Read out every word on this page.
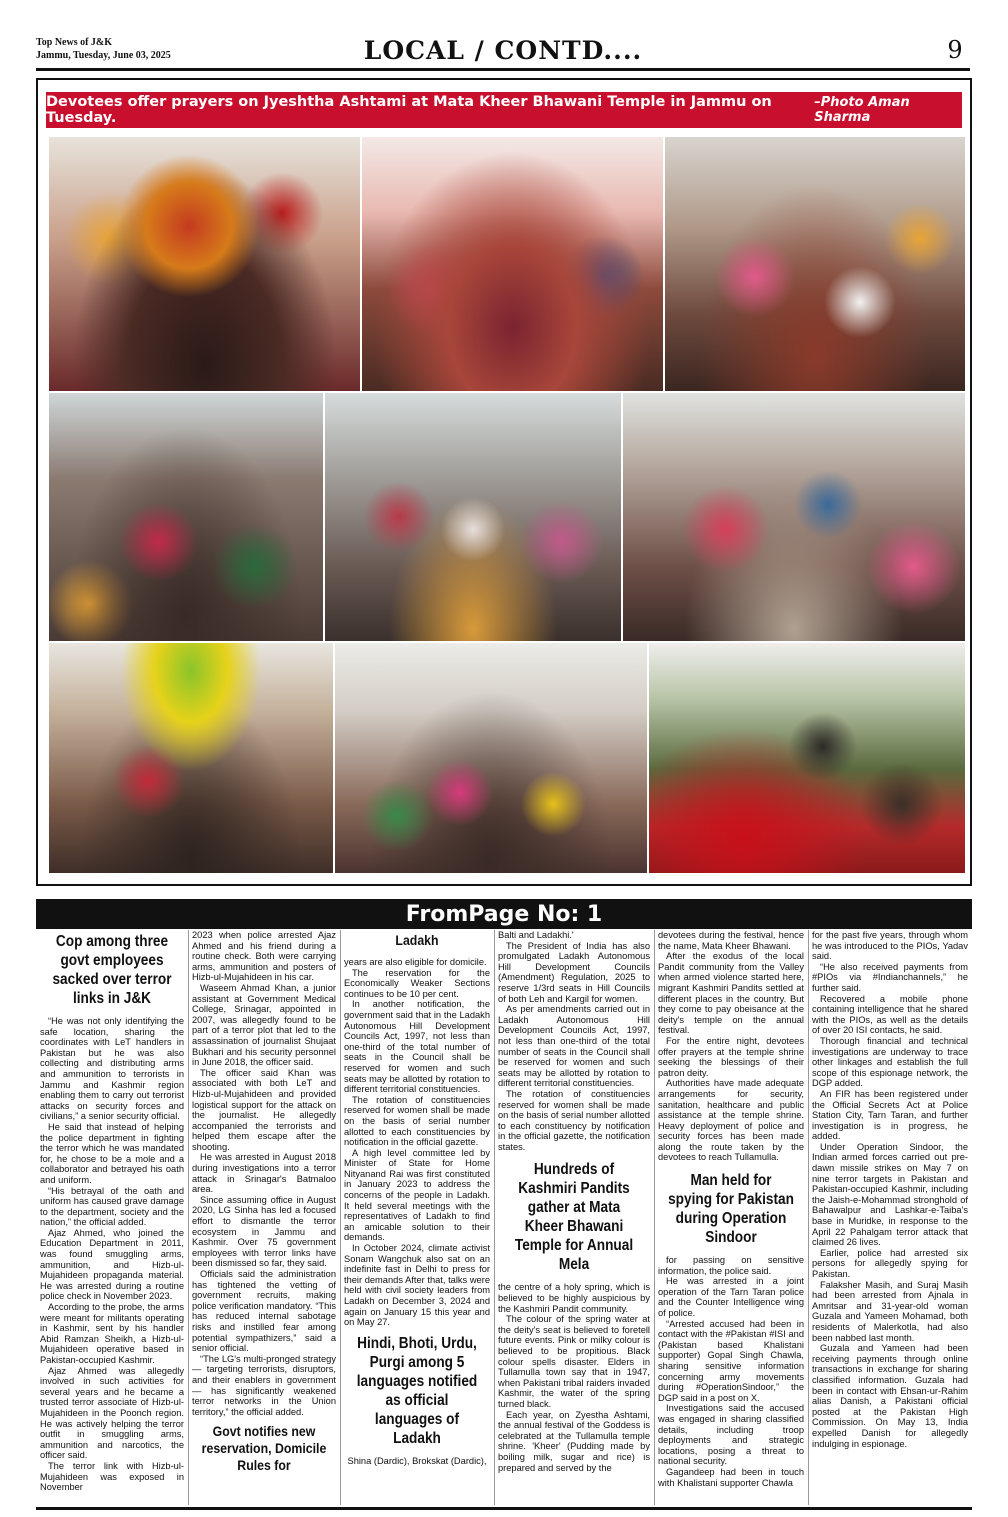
Top News of J&K
Jammu, Tuesday, June 03, 2025	LOCAL / CONTD....	9
Devotees offer prayers on Jyeshtha Ashtami at Mata Kheer Bhawani Temple in Jammu on Tuesday.
–Photo Aman Sharma
FromPage No: 1
Cop among three govt employees sacked over terror links in J&K

“He was not only identifying the safe location, sharing the coordinates with LeT handlers in Pakistan but he was also collecting and distributing arms and ammunition to terrorists in Jammu and Kashmir region enabling them to carry out terrorist attacks on security forces and civilians,” a senior security official.

He said that instead of helping the police department in fighting the terror which he was mandated for, he chose to be a mole and a collaborator and betrayed his oath and uniform.

“His betrayal of the oath and uniform has caused grave damage to the department, society and the nation,” the official added.

Ajaz Ahmed, who joined the Education Department in 2011, was found smuggling arms, ammunition, and Hizb-ul-Mujahideen propaganda material. He was arrested during a routine police check in November 2023.

According to the probe, the arms were meant for militants operating in Kashmir, sent by his handler Abid Ramzan Sheikh, a Hizb-ul-Mujahideen operative based in Pakistan-occupied Kashmir.

Ajaz Ahmed was allegedly involved in such activities for several years and he became a trusted terror associate of Hizb-ul-Mujahideen in the Poonch region. He was actively helping the terror outfit in smuggling arms, ammunition and narcotics, the officer said.

The terror link with Hizb-ul-Mujahideen was exposed in November

2023 when police arrested Ajaz Ahmed and his friend during a routine check. Both were carrying arms, ammunition and posters of Hizb-ul-Mujahideen in his car.

Waseem Ahmad Khan, a junior assistant at Government Medical College, Srinagar, appointed in 2007, was allegedly found to be part of a terror plot that led to the assassination of journalist Shujaat Bukhari and his security personnel in June 2018, the officer said.

The officer said Khan was associated with both LeT and Hizb-ul-Mujahideen and provided logistical support for the attack on the journalist. He allegedly accompanied the terrorists and helped them escape after the shooting.

He was arrested in August 2018 during investigations into a terror attack in Srinagar's Batmaloo area.

Since assuming office in August 2020, LG Sinha has led a focused effort to dismantle the terror ecosystem in Jammu and Kashmir. Over 75 government employees with terror links have been dismissed so far, they said.

Officials said the administration has tightened the vetting of government recruits, making police verification mandatory. “This has reduced internal sabotage risks and instilled fear among potential sympathizers,” said a senior official.

“The LG's multi-pronged strategy — targeting terrorists, disruptors, and their enablers in government — has significantly weakened terror networks in the Union territory,” the official added.

Govt notifies new reservation, Domicile Rules for
Ladakh

years are also eligible for domicile.

The reservation for the Economically Weaker Sections continues to be 10 per cent.

In another notification, the government said that in the Ladakh Autonomous Hill Development Councils Act, 1997, not less than one-third of the total number of seats in the Council shall be reserved for women and such seats may be allotted by rotation to different territorial constituencies.

The rotation of constituencies reserved for women shall be made on the basis of serial number allotted to each constituencies by notification in the official gazette.

A high level committee led by Minister of State for Home Nityanand Rai was first constituted in January 2023 to address the concerns of the people in Ladakh. It held several meetings with the representatives of Ladakh to find an amicable solution to their demands.

In October 2024, climate activist Sonam Wangchuk also sat on an indefinite fast in Delhi to press for their demands After that, talks were held with civil society leaders from Ladakh on December 3, 2024 and again on January 15 this year and on May 27.

Hindi, Bhoti, Urdu, Purgi among 5 languages notified as official languages of Ladakh

Shina (Dardic), Brokskat (Dardic),

Balti and Ladakhi.'

The President of India has also promulgated Ladakh Autonomous Hill Development Councils (Amendment) Regulation, 2025 to reserve 1/3rd seats in Hill Councils of both Leh and Kargil for women.

As per amendments carried out in Ladakh Autonomous Hill Development Councils Act, 1997, not less than one-third of the total number of seats in the Council shall be reserved for women and such seats may be allotted by rotation to different territorial constituencies.

The rotation of constituencies reserved for women shall be made on the basis of serial number allotted to each constituency by notification in the official gazette, the notification states.

Hundreds of Kashmiri Pandits gather at Mata Kheer Bhawani Temple for Annual Mela

the centre of a holy spring, which is believed to be highly auspicious by the Kashmiri Pandit community.

The colour of the spring water at the deity's seat is believed to foretell future events. Pink or milky colour is believed to be propitious. Black colour spells disaster. Elders in Tullamulla town say that in 1947, when Pakistani tribal raiders invaded Kashmir, the water of the spring turned black.

Each year, on Zyestha Ashtami, the annual festival of the Goddess is celebrated at the Tullamulla temple shrine. 'Kheer' (Pudding made by boiling milk, sugar and rice) is prepared and served by the

devotees during the festival, hence the name, Mata Kheer Bhawani.

After the exodus of the local Pandit community from the Valley when armed violence started here, migrant Kashmiri Pandits settled at different places in the country. But they come to pay obeisance at the deity's temple on the annual festival.

For the entire night, devotees offer prayers at the temple shrine seeking the blessings of their patron deity.

Authorities have made adequate arrangements for security, sanitation, healthcare and public assistance at the temple shrine. Heavy deployment of police and security forces has been made along the route taken by the devotees to reach Tullamulla.

Man held for spying for Pakistan during Operation Sindoor

for passing on sensitive information, the police said.

He was arrested in a joint operation of the Tarn Taran police and the Counter Intelligence wing of police.

“Arrested accused had been in contact with the #Pakistan #ISI and (Pakistan based Khalistani supporter) Gopal Singh Chawla, sharing sensitive information concerning army movements during #OperationSindoor,” the DGP said in a post on X.

Investigations said the accused was engaged in sharing classified details, including troop deployments and strategic locations, posing a threat to national security.

Gagandeep had been in touch with Khalistani supporter Chawla

for the past five years, through whom he was introduced to the PIOs, Yadav said.

“He also received payments from #PIOs via #Indianchannels,” he further said.

Recovered a mobile phone containing intelligence that he shared with the PIOs, as well as the details of over 20 ISI contacts, he said.

Thorough financial and technical investigations are underway to trace other linkages and establish the full scope of this espionage network, the DGP added.

An FIR has been registered under the Official Secrets Act at Police Station City, Tarn Taran, and further investigation is in progress, he added.

Under Operation Sindoor, the Indian armed forces carried out pre-dawn missile strikes on May 7 on nine terror targets in Pakistan and Pakistan-occupied Kashmir, including the Jaish-e-Mohammad stronghold of Bahawalpur and Lashkar-e-Taiba's base in Muridke, in response to the April 22 Pahalgam terror attack that claimed 26 lives.

Earlier, police had arrested six persons for allegedly spying for Pakistan.

Falaksher Masih, and Suraj Masih had been arrested from Ajnala in Amritsar and 31-year-old woman Guzala and Yameen Mohamad, both residents of Malerkotla, had also been nabbed last month.

Guzala and Yameen had been receiving payments through online transactions in exchange for sharing classified information. Guzala had been in contact with Ehsan-ur-Rahim alias Danish, a Pakistani official posted at the Pakistan High Commission. On May 13, India expelled Danish for allegedly indulging in espionage.
